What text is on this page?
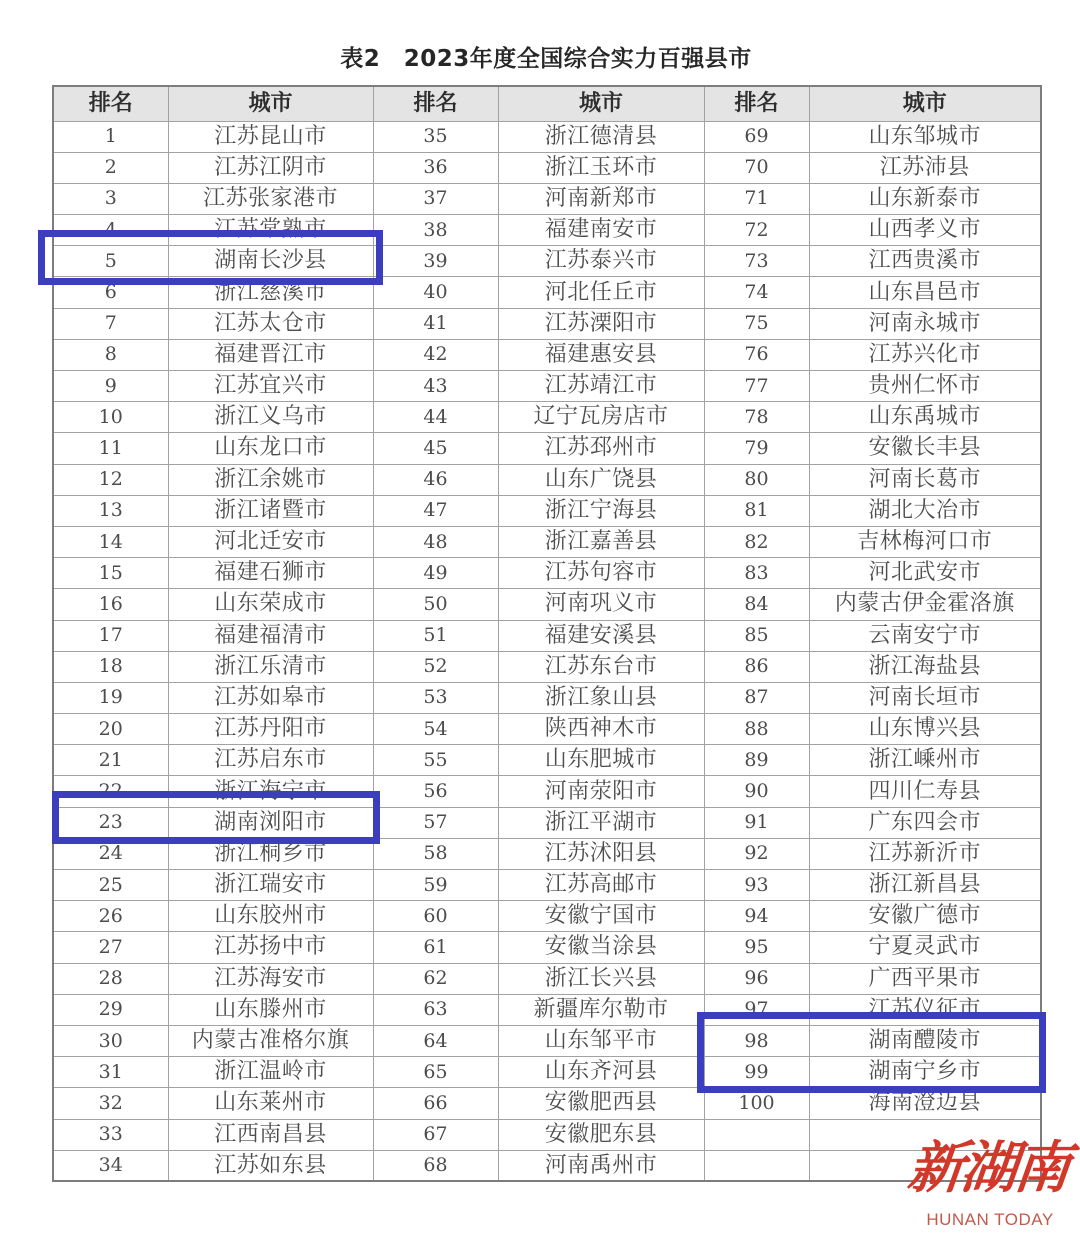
表2　2023年度全国综合实力百强县市
排名	城市	排名	城市	排名	城市
1	江苏昆山市	35	浙江德清县	69	山东邹城市
2	江苏江阴市	36	浙江玉环市	70	江苏沛县
3	江苏张家港市	37	河南新郑市	71	山东新泰市
4	江苏常熟市	38	福建南安市	72	山西孝义市
5	湖南长沙县	39	江苏泰兴市	73	江西贵溪市
6	浙江慈溪市	40	河北任丘市	74	山东昌邑市
7	江苏太仓市	41	江苏溧阳市	75	河南永城市
8	福建晋江市	42	福建惠安县	76	江苏兴化市
9	江苏宜兴市	43	江苏靖江市	77	贵州仁怀市
10	浙江义乌市	44	辽宁瓦房店市	78	山东禹城市
11	山东龙口市	45	江苏邳州市	79	安徽长丰县
12	浙江余姚市	46	山东广饶县	80	河南长葛市
13	浙江诸暨市	47	浙江宁海县	81	湖北大冶市
14	河北迁安市	48	浙江嘉善县	82	吉林梅河口市
15	福建石狮市	49	江苏句容市	83	河北武安市
16	山东荣成市	50	河南巩义市	84	内蒙古伊金霍洛旗
17	福建福清市	51	福建安溪县	85	云南安宁市
18	浙江乐清市	52	江苏东台市	86	浙江海盐县
19	江苏如皋市	53	浙江象山县	87	河南长垣市
20	江苏丹阳市	54	陕西神木市	88	山东博兴县
21	江苏启东市	55	山东肥城市	89	浙江嵊州市
22	浙江海宁市	56	河南荥阳市	90	四川仁寿县
23	湖南浏阳市	57	浙江平湖市	91	广东四会市
24	浙江桐乡市	58	江苏沭阳县	92	江苏新沂市
25	浙江瑞安市	59	江苏高邮市	93	浙江新昌县
26	山东胶州市	60	安徽宁国市	94	安徽广德市
27	江苏扬中市	61	安徽当涂县	95	宁夏灵武市
28	江苏海安市	62	浙江长兴县	96	广西平果市
29	山东滕州市	63	新疆库尔勒市	97	江苏仪征市
30	内蒙古准格尔旗	64	山东邹平市	98	湖南醴陵市
31	浙江温岭市	65	山东齐河县	99	湖南宁乡市
32	山东莱州市	66	安徽肥西县	100	海南澄迈县
33	江西南昌县	67	安徽肥东县		
34	江苏如东县	68	河南禹州市			新湖南
HUNAN TODAY
